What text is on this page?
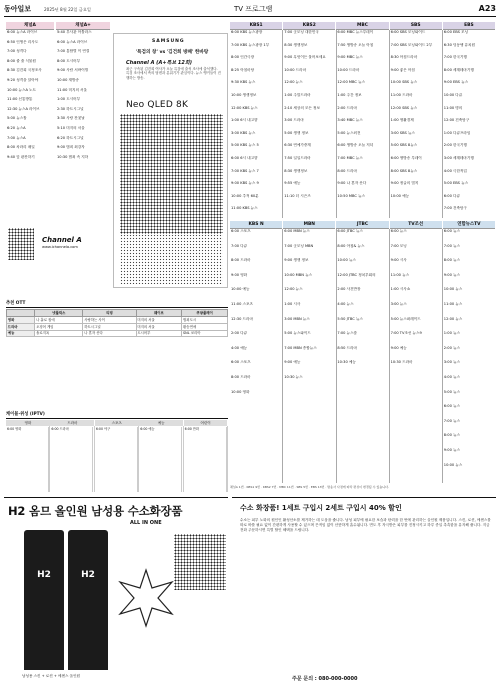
동아일보	2025년 8월 22일 금요일	TV 프로그램	A23
채널A
6:00 뉴스A 라이브
6:50 인생은 리사도
7:00 성격다
8:00 줄 줄 식물원
8:30 김건희 국정조사
9:20 성격을 알아야
10:00 뉴스A 노트
11:00 신통방통
12:30 뉴스A 라이브
5:00 뉴스톱
6:20 뉴스A
7:00 뉴스A
8:00 차라리 매일
9:40 앞 판잔하기
채널A+
5:40 부사관 아틀라스
6:00 뉴스A 라이브
7:00 통합별 이 연결
8:00 도시어부
9:00 사람 서바이벌
10:00 재방송
11:00 미지의 서울
1:00 도시어부
2:30 하트시그널
3:30 사랑 잔칫날
5:10 미지의 서울
6:20 하트시그널
9:00 범죄 최강자
10:30 범죄 속 지하
Channel A
www.ichannela.com
SAMSUNG
'특검의 창' vs '김건희 방패' 한바탕
Channel A (A+특보 12회)
최근 구속된 김건희 여사가 오늘 특검에 출석 조사에 출석했다. 특검 조사에서 측의 답변과 분위기가 관심이다. 뉴스 앵커들이 진행하는 방송.
Neo QLED 8K
KBS1
6:00 KBS 뉴스광장
7:00 KBS 뉴스광장 1부
8:00 인간극장
8:25 아침마당
9:30 KBS 뉴스
10:00 생생정보
12:00 KBS 뉴스
1:00 6시 내고향
3:00 KBS 뉴스
5:00 KBS 뉴스 5
6:00 6시 내고향
7:00 KBS 뉴스 7
9:00 KBS 뉴스 9
10:00 추적 60분
11:00 KBS 뉴스
KBS2
7:00 굿모닝 대한민국
8:30 생생정보
9:00 무엇이든 물어보세요
10:00 드라마
12:00 뉴스
1:00 주말드라마
2:10 세상의 모든 정보
3:00 드라마
5:00 생생 정보
6:30 연예가중계
7:50 일일드라마
8:30 생생정보
9:55 예능
11:10 더 시즌즈
MBC
6:00 MBC 뉴스투데이
7:50 생방송 오늘 아침
9:00 MBC 뉴스
10:00 드라마
12:00 MBC 뉴스
1:00 주간 정보
2:00 드라마
3:40 MBC 뉴스
5:00 뉴스외전
6:00 생방송 오늘 저녁
7:00 MBC 뉴스
8:00 드라마
9:00 나 혼자 산다
10:50 MBC 뉴스
SBS
6:00 SBS 모닝와이드
7:00 SBS 모닝와이드 2부
8:30 아침드라마
9:00 좋은 아침
10:00 SBS 뉴스
11:00 드라마
12:00 SBS 뉴스
1:00 생활경제
3:00 SBS 뉴스
5:00 SBS 8뉴스
6:00 생방송 투데이
8:00 SBS 8뉴스
9:00 정글의 법칙
10:00 예능
EBS
6:00 EBS 모닝
6:30 딩동댕 유치원
7:00 한국기행
8:00 세계테마기행
9:00 EBS 뉴스
10:00 다큐
11:00 명의
12:00 건축탐구
1:00 다큐프라임
2:00 한국기행
3:00 세계테마기행
4:00 극한직업
5:00 EBS 뉴스
6:00 다큐
7:00 건축탐구
KBS N
6:00 스포츠
7:00 다큐
8:00 드라마
9:00 영화
10:00 예능
11:00 스포츠
12:30 드라마
2:00 다큐
4:00 예능
6:00 스포츠
8:00 드라마
10:00 영화
MBN
6:00 MBN 뉴스
7:00 굿모닝 MBN
9:00 생생 정보
10:00 MBN 뉴스
12:00 뉴스
1:00 시사
3:00 MBN 뉴스
5:00 뉴스와이드
7:00 MBN 종합뉴스
9:00 예능
10:30 뉴스
JTBC
6:00 JTBC 뉴스
8:00 아침& 뉴스
10:00 뉴스
12:00 JTBC 정치부회의
2:00 사건반장
4:00 뉴스
5:50 JTBC 뉴스
7:00 뉴스룸
8:50 드라마
10:30 예능
TV조선
6:00 뉴스
7:00 모닝
9:00 시사
11:00 뉴스
1:00 시사쇼
3:00 뉴스
5:00 뉴스퍼레이드
7:00 TV조선 뉴스9
9:00 예능
10:30 드라마
연합뉴스TV
6:00 뉴스
7:00 뉴스
8:00 뉴스
9:00 뉴스
10:00 뉴스
11:00 뉴스
12:00 뉴스
1:00 뉴스
2:00 뉴스
3:00 뉴스
4:00 뉴스
5:00 뉴스
6:00 뉴스
7:00 뉴스
8:00 뉴스
9:00 뉴스
10:00 뉴스
추천 OTT
	넷플릭스	티빙	웨이브	쿠팡플레이
영화	나 홀로 집에	사랑하는 사이	미지의 서울	범죄도시
드라마	오징어 게임	하트시그널	미지의 서울	환승연애
예능	솔로지옥	나 혼자 산다	도시어부	SNL 코리아
케이블·위성 (IPTV)
영화	드라마	스포츠	예능	어린이
6:00 영화	6:00 드라마	6:00 야구	6:00 예능	6:00 만화
채널A 1번 · KBS1 9번 · KBS2 7번 · MBC 11번 · SBS 5번 · EBS 13번 · 방송사 사정에 따라 편성이 변경될 수 있습니다.
H2 옴므 올인원 남성용 수소화장품
ALL IN ONE
H2	H2
남성용 스킨 + 로션 + 에센스 올인원
수소 화장품! 1세트 구입시 2세트 구입시 40% 할인
수소는 피부 노화의 원인인 활성산소를 제거하는 데 도움을 줍니다. 남성 피부에 필요한 보습과 탄력을 한 번에 관리하는 올인원 제품입니다. 스킨, 로션, 에센스를 따로 바를 필요 없이 간편하게 사용할 수 있으며 끈적임 없이 산뜻하게 흡수됩니다. 면도 후 자극받은 피부를 진정시키고 하루 종일 촉촉함을 유지해 줍니다. 지금 전화 주문하시면 특별 할인 혜택을 드립니다.
주문 문의 : 080-000-0000
